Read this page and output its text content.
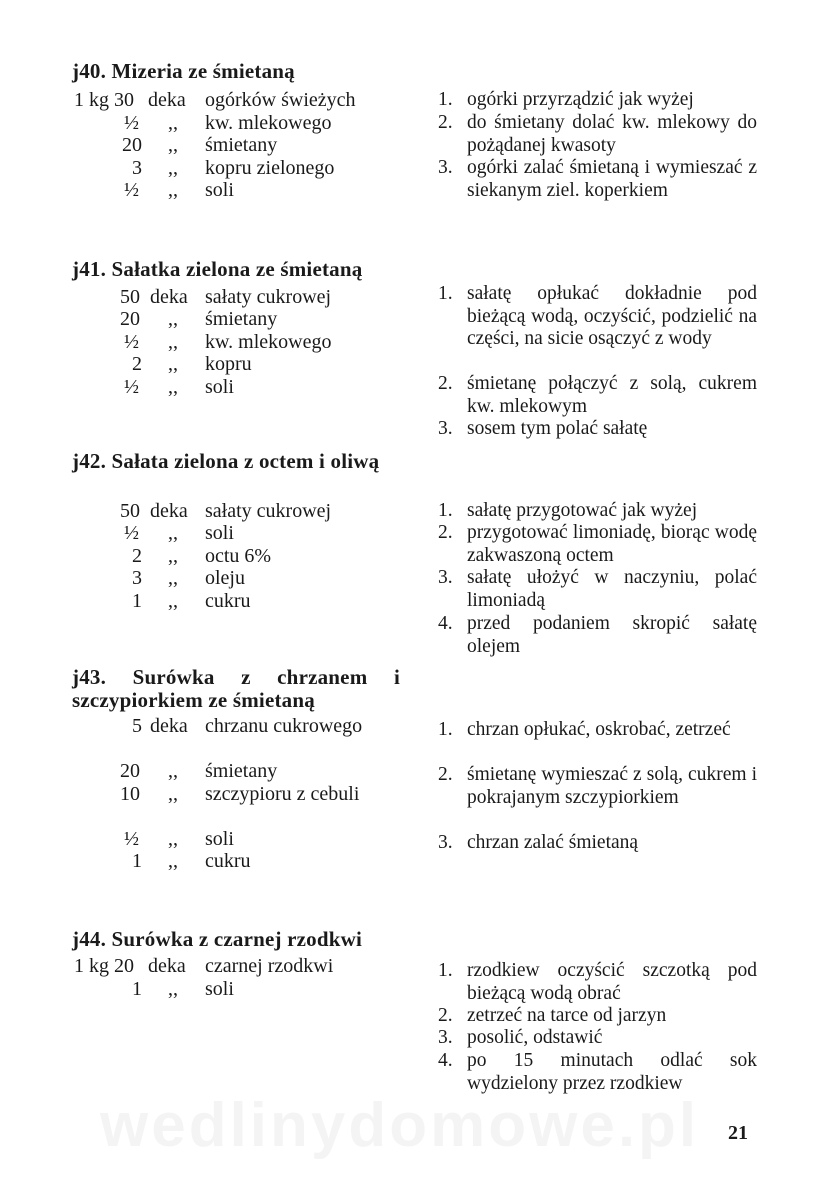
j40. Mizeria ze śmietaną
1 kg 30 deka ogórków świeżych
½ ,, kw. mlekowego
20 ,, śmietany
3 ,, kopru zielonego
½ ,, soli
1. ogórki przyrządzić jak wyżej
2. do śmietany dolać kw. mlekowy do pożądanej kwasoty
3. ogórki zalać śmietaną i wymieszać z siekanym ziel. koperkiem
j41. Sałatka zielona ze śmietaną
50 deka sałaty cukrowej
20 ,, śmietany
½ ,, kw. mlekowego
2 ,, kopru
½ ,, soli
1. sałatę opłukać dokładnie pod bieżącą wodą, oczyścić, podzielić na części, na sicie osączyć z wody
2. śmietanę połączyć z solą, cukrem kw. mlekowym
3. sosem tym polać sałatę
j42. Sałata zielona z octem i oliwą
50 deka sałaty cukrowej
½ ,, soli
2 ,, octu 6%
3 ,, oleju
1 ,, cukru
1. sałatę przygotować jak wyżej
2. przygotować limoniadę, biorąc wodę zakwaszoną octem
3. sałatę ułożyć w naczyniu, polać limoniadą
4. przed podaniem skropić sałatę olejem
j43. Surówka z chrzanem i szczypiorkiem ze śmietaną
5 deka chrzanu cukrowego
20 ,, śmietany
10 ,, szczypioru z cebuli
½ ,, soli
1 ,, cukru
1. chrzan opłukać, oskrobać, zetrzeć
2. śmietanę wymieszać z solą, cukrem i pokrajanym szczypiorkiem
3. chrzan zalać śmietaną
j44. Surówka z czarnej rzodkwi
1 kg 20 deka czarnej rzodkwi
1 ,, soli
1. rzodkiew oczyścić szczotką pod bieżącą wodą obrać
2. zetrzeć na tarce od jarzyn
3. posolić, odstawić
4. po 15 minutach odlać sok wydzielony przez rzodkiew
21
